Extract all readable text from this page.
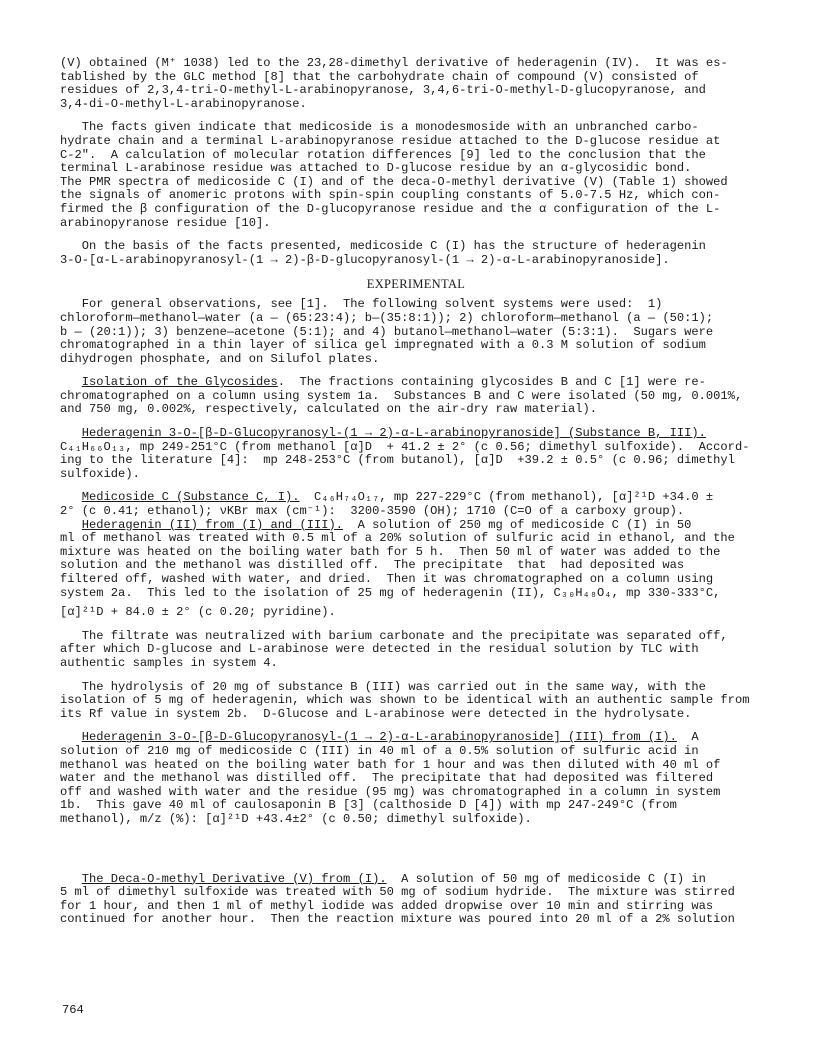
(V) obtained (M⁺ 1038) led to the 23,28-dimethyl derivative of hederagenin (IV).  It was es-

tablished by the GLC method [8] that the carbohydrate chain of compound (V) consisted of

residues of 2,3,4-tri-O-methyl-L-arabinopyranose, 3,4,6-tri-O-methyl-D-glucopyranose, and

3,4-di-O-methyl-L-arabinopyranose.

The facts given indicate that medicoside is a monodesmoside with an unbranched carbo-

hydrate chain and a terminal L-arabinopyranose residue attached to the D-glucose residue at

C-2".  A calculation of molecular rotation differences [9] led to the conclusion that the

terminal L-arabinose residue was attached to D-glucose residue by an α-glycosidic bond.

The PMR spectra of medicoside C (I) and of the deca-O-methyl derivative (V) (Table 1) showed

the signals of anomeric protons with spin-spin coupling constants of 5.0-7.5 Hz, which con-

firmed the β configuration of the D-glucopyranose residue and the α configuration of the L-

arabinopyranose residue [10].

On the basis of the facts presented, medicoside C (I) has the structure of hederagenin

3-O-[α-L-arabinopyranosyl-(1 → 2)-β-D-glucopyranosyl-(1 → 2)-α-L-arabinopyranoside].

EXPERIMENTAL

For general observations, see [1].  The following solvent systems were used:  1)

chloroform—methanol—water (a — (65:23:4); b—(35:8:1)); 2) chloroform—methanol (a — (50:1);

b — (20:1)); 3) benzene—acetone (5:1); and 4) butanol—methanol—water (5:3:1).  Sugars were

chromatographed in a thin layer of silica gel impregnated with a 0.3 M solution of sodium

dihydrogen phosphate, and on Silufol plates.

Isolation of the Glycosides.  The fractions containing glycosides B and C [1] were re-

chromatographed on a column using system 1a.  Substances B and C were isolated (50 mg, 0.001%,

and 750 mg, 0.002%, respectively, calculated on the air-dry raw material).

Hederagenin 3-O-[β-D-Glucopyranosyl-(1 → 2)-α-L-arabinopyranoside] (Substance B, III).

C₄₁H₆₆O₁₃, mp 249-251°C (from methanol [α]D  + 41.2 ± 2° (c 0.56; dimethyl sulfoxide).  Accord-

ing to the literature [4]:  mp 248-253°C (from butanol), [α]D  +39.2 ± 0.5° (c 0.96; dimethyl

sulfoxide).

Medicoside C (Substance C, I).  C₄₆H₇₄O₁₇, mp 227-229°C (from methanol), [α]²¹D +34.0 ±

2° (c 0.41; ethanol); νKBr max (cm⁻¹):  3200-3590 (OH); 1710 (C=O of a carboxy group).

Hederagenin (II) from (I) and (III).  A solution of 250 mg of medicoside C (I) in 50

ml of methanol was treated with 0.5 ml of a 20% solution of sulfuric acid in ethanol, and the

mixture was heated on the boiling water bath for 5 h.  Then 50 ml of water was added to the

solution and the methanol was distilled off.  The precipitate  that  had deposited was

filtered off, washed with water, and dried.  Then it was chromatographed on a column using

system 2a.  This led to the isolation of 25 mg of hederagenin (II), C₃₀H₄₈O₄, mp 330-333°C,

[α]²¹D + 84.0 ± 2° (c 0.20; pyridine).

The filtrate was neutralized with barium carbonate and the precipitate was separated off,

after which D-glucose and L-arabinose were detected in the residual solution by TLC with

authentic samples in system 4.

The hydrolysis of 20 mg of substance B (III) was carried out in the same way, with the

isolation of 5 mg of hederagenin, which was shown to be identical with an authentic sample from

its Rf value in system 2b.  D-Glucose and L-arabinose were detected in the hydrolysate.

Hederagenin 3-O-[β-D-Glucopyranosyl-(1 → 2)-α-L-arabinopyranoside] (III) from (I).  A

solution of 210 mg of medicoside C (III) in 40 ml of a 0.5% solution of sulfuric acid in

methanol was heated on the boiling water bath for 1 hour and was then diluted with 40 ml of

water and the methanol was distilled off.  The precipitate that had deposited was filtered

off and washed with water and the residue (95 mg) was chromatographed in a column in system

1b.  This gave 40 ml of caulosaponin B [3] (calthoside D [4]) with mp 247-249°C (from

methanol), m/z (%): [α]²¹D +43.4±2° (c 0.50; dimethyl sulfoxide).

The Deca-O-methyl Derivative (V) from (I).  A solution of 50 mg of medicoside C (I) in

5 ml of dimethyl sulfoxide was treated with 50 mg of sodium hydride.  The mixture was stirred

for 1 hour, and then 1 ml of methyl iodide was added dropwise over 10 min and stirring was

continued for another hour.  Then the reaction mixture was poured into 20 ml of a 2% solution

764
